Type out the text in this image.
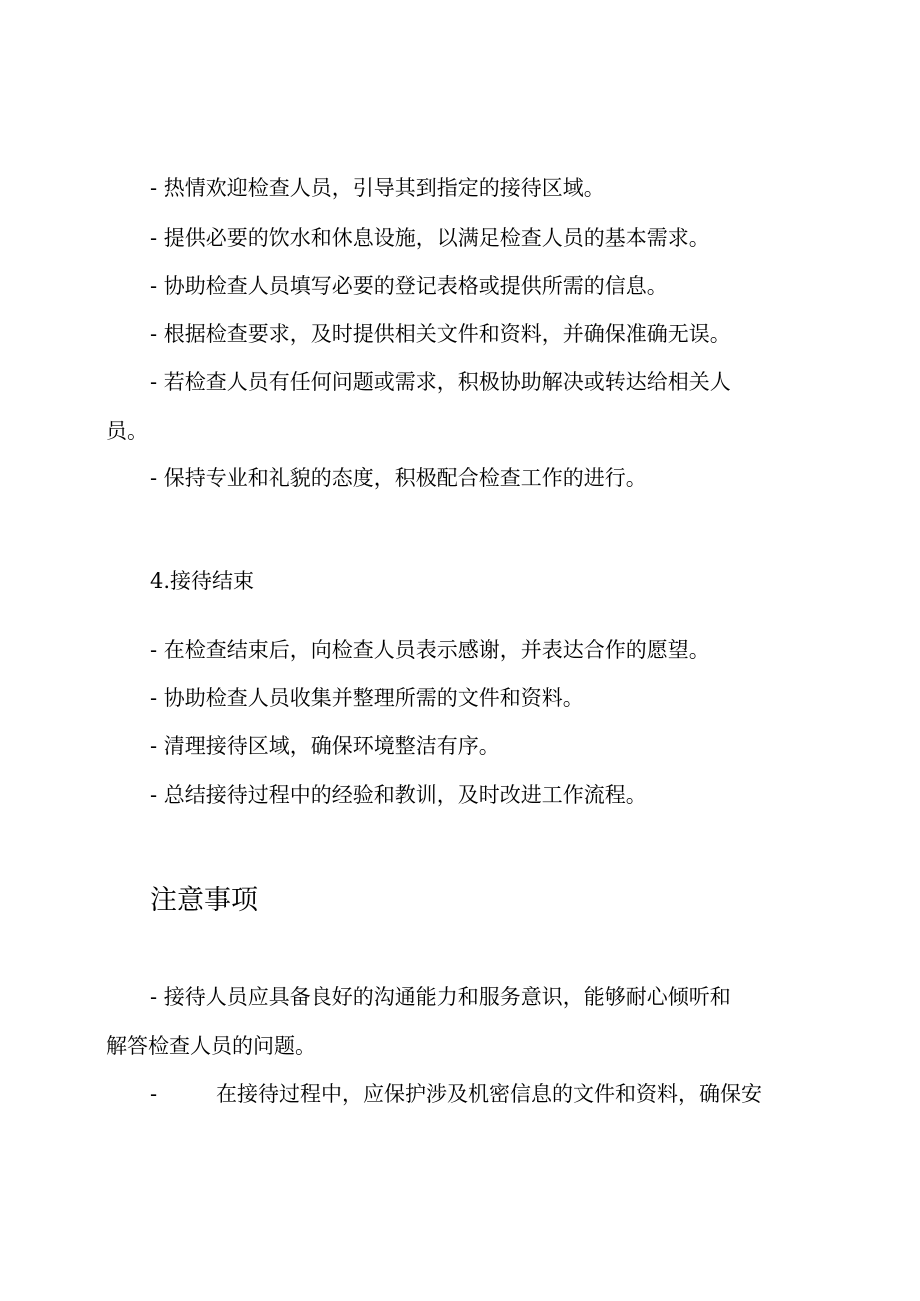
- 热情欢迎检查人员，引导其到指定的接待区域。
- 提供必要的饮水和休息设施，以满足检查人员的基本需求。
- 协助检查人员填写必要的登记表格或提供所需的信息。
- 根据检查要求，及时提供相关文件和资料，并确保准确无误。
- 若检查人员有任何问题或需求，积极协助解决或转达给相关人
员。
- 保持专业和礼貌的态度，积极配合检查工作的进行。
4.接待结束
- 在检查结束后，向检查人员表示感谢，并表达合作的愿望。
- 协助检查人员收集并整理所需的文件和资料。
- 清理接待区域，确保环境整洁有序。
- 总结接待过程中的经验和教训，及时改进工作流程。
注意事项
- 接待人员应具备良好的沟通能力和服务意识，能够耐心倾听和
解答检查人员的问题。
-	在接待过程中，应保护涉及机密信息的文件和资料，确保安
